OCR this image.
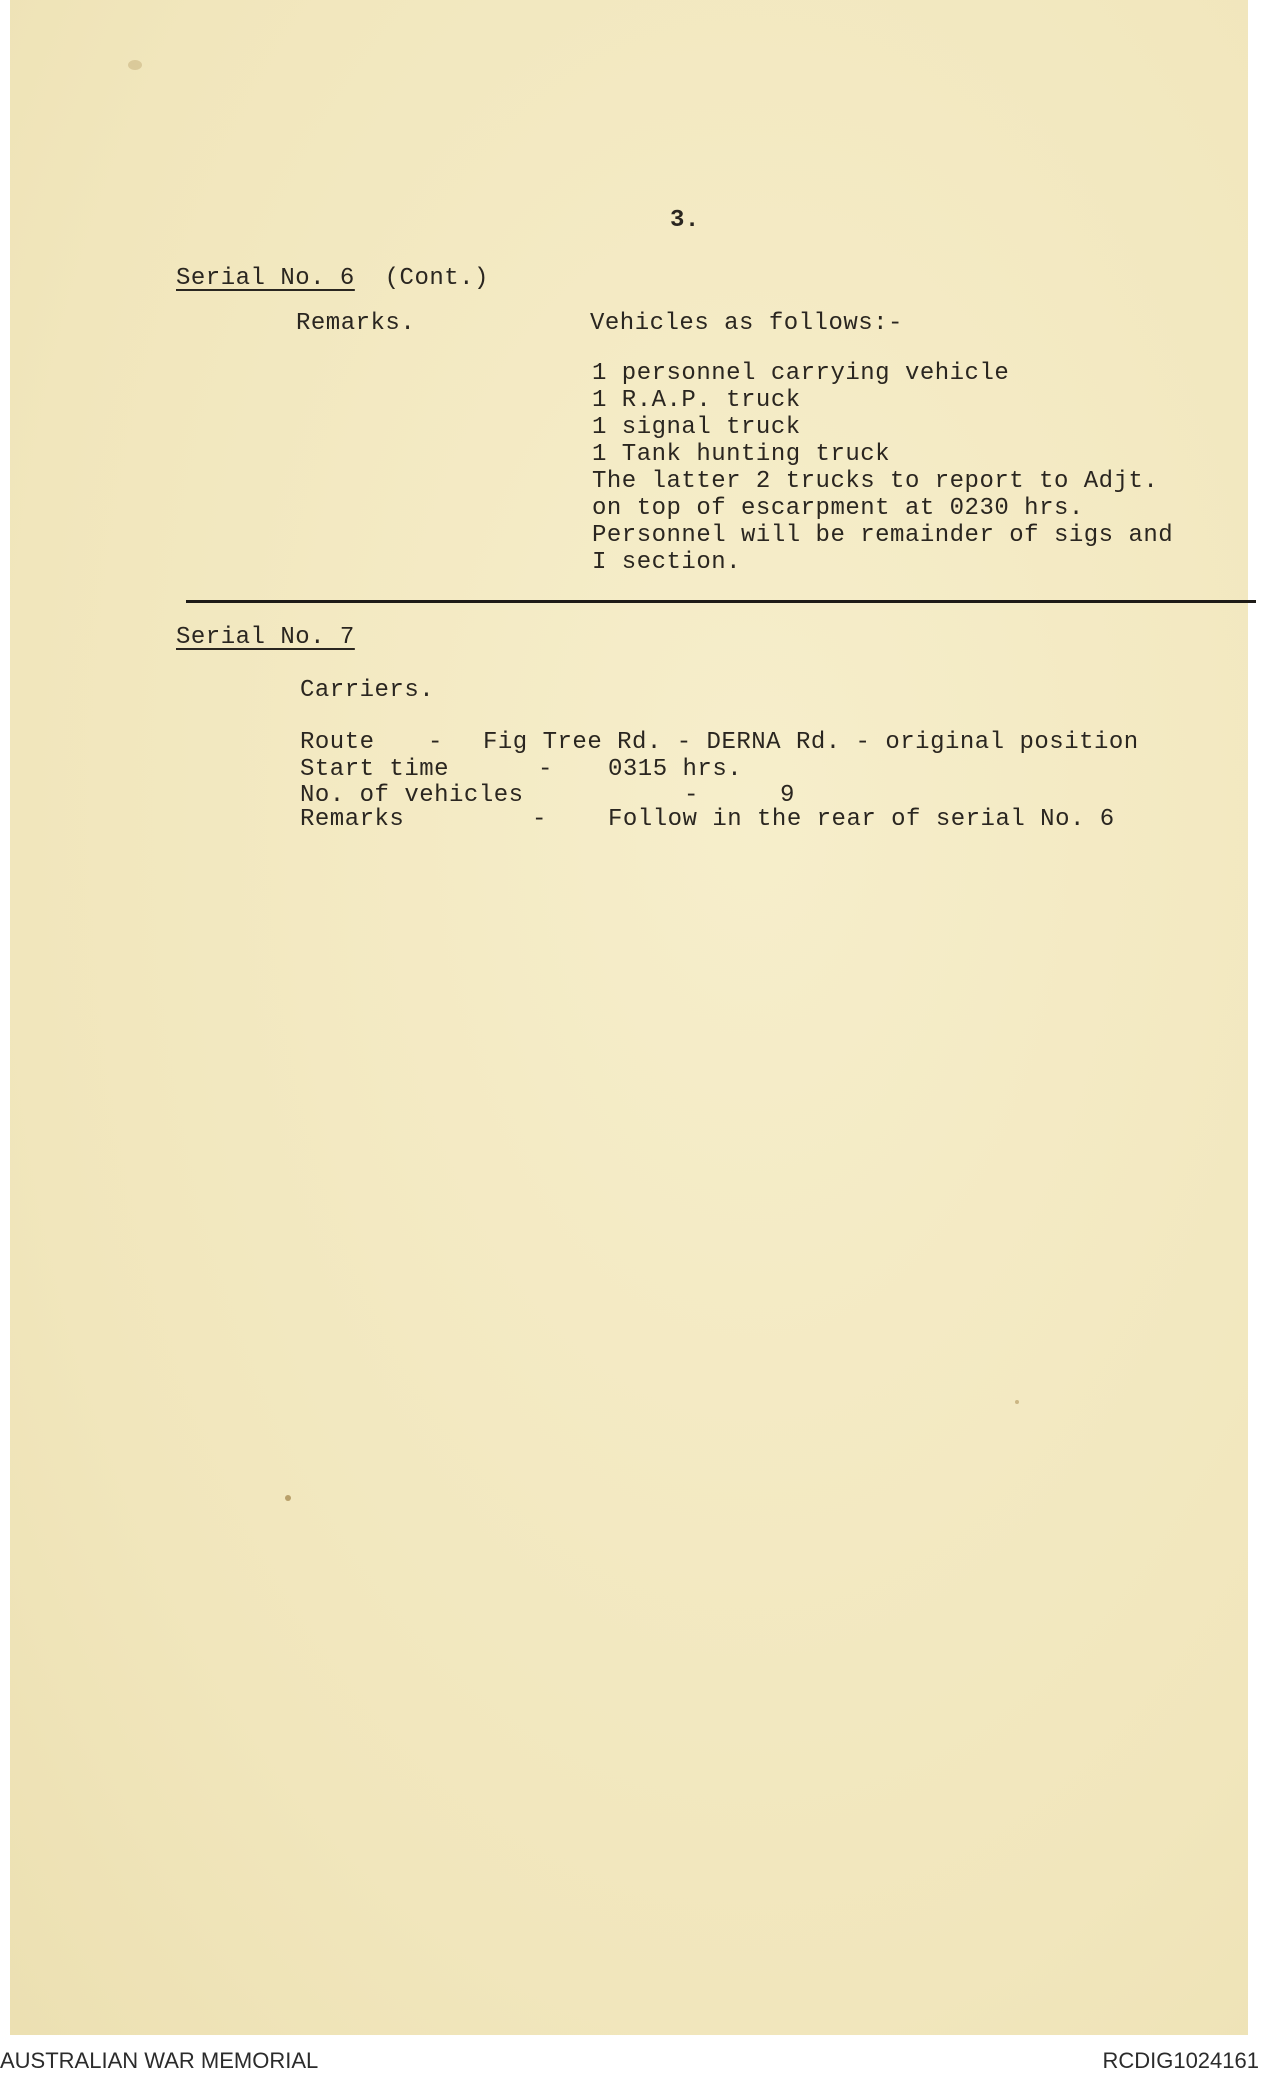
3.
Serial No. 6 (Cont.)
Remarks.	Vehicles as follows:-
1 personnel carrying vehicle
1 R.A.P. truck
1 signal truck
1 Tank hunting truck
The latter 2 trucks to report to Adjt.
on top of escarpment at 0230 hrs.
Personnel will be remainder of sigs and
I section.
Serial No. 7
Carriers.
Route - Fig Tree Rd. - DERNA Rd. - original position
Start time	- 0315 hrs.
No. of vehicles	-	9
Remarks	-	Follow in the rear of serial No. 6
AUSTRALIAN WAR MEMORIAL	RCDIG1024161
